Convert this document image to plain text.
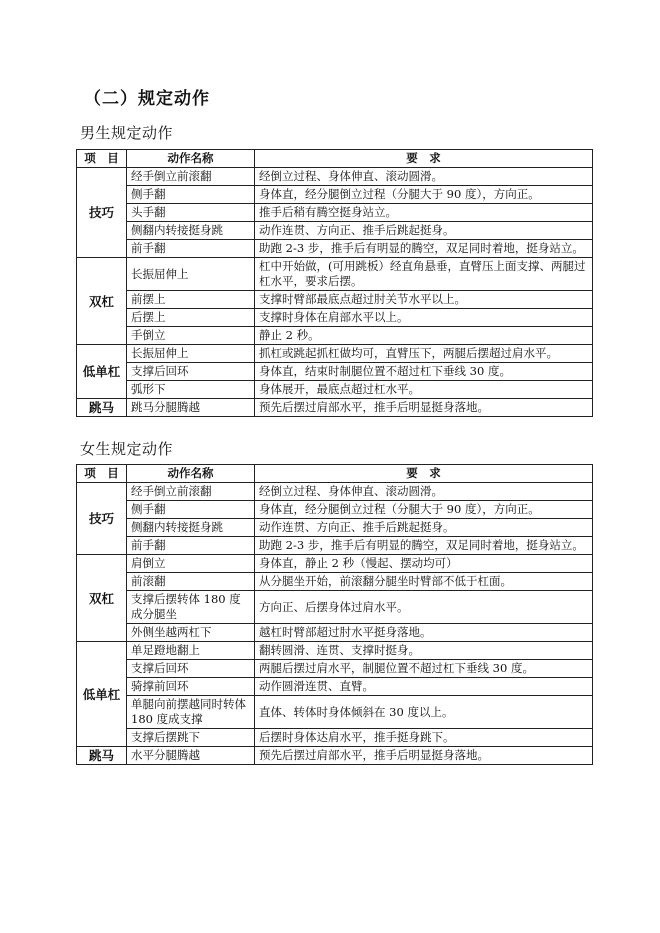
（二）规定动作
男生规定动作
项　目	动作名称	要　求
技巧	经手倒立前滚翻	经倒立过程、身体伸直、滚动圆滑。
	侧手翻	身体直，经分腿倒立过程（分腿大于 90 度），方向正。
	头手翻	推手后稍有腾空挺身站立。
	侧翻内转接挺身跳	动作连贯、方向正、推手后跳起挺身。
	前手翻	助跑 2-3 步，推手后有明显的腾空，双足同时着地，挺身站立。
双杠	长振屈伸上	杠中开始做，(可用跳板）经直角悬垂，直臂压上面支撑、两腿过杠水平，要求后摆。
	前摆上	支撑时臂部最底点超过肘关节水平以上。
	后摆上	支撑时身体在肩部水平以上。
	手倒立	静止 2 秒。
低单杠	长振屈伸上	抓杠或跳起抓杠做均可，直臂压下，两腿后摆超过肩水平。
	支撑后回环	身体直，结束时制腿位置不超过杠下垂线 30 度。
	弧形下	身体展开，最底点超过杠水平。
跳马	跳马分腿腾越	预先后摆过肩部水平，推手后明显挺身落地。
女生规定动作
项　目	动作名称	要　求
技巧	经手倒立前滚翻	经倒立过程、身体伸直、滚动圆滑。
	侧手翻	身体直，经分腿倒立过程（分腿大于 90 度），方向正。
	侧翻内转接挺身跳	动作连贯、方向正、推手后跳起挺身。
	前手翻	助跑 2-3 步，推手后有明显的腾空，双足同时着地，挺身站立。
双杠	肩倒立	身体直，静止 2 秒（慢起、摆动均可）
	前滚翻	从分腿坐开始，前滚翻分腿坐时臂部不低于杠面。
	支撑后摆转体 180 度成分腿坐	方向正、后摆身体过肩水平。
	外侧坐越两杠下	越杠时臂部超过肘水平挺身落地。
低单杠	单足蹬地翻上	翻转圆滑、连贯、支撑时挺身。
	支撑后回环	两腿后摆过肩水平，制腿位置不超过杠下垂线 30 度。
	骑撑前回环	动作圆滑连贯、直臂。
	单腿向前摆越同时转体 180 度成支撑	直体、转体时身体倾斜在 30 度以上。
	支撑后摆跳下	后摆时身体达肩水平，推手挺身跳下。
跳马	水平分腿腾越	预先后摆过肩部水平，推手后明显挺身落地。
